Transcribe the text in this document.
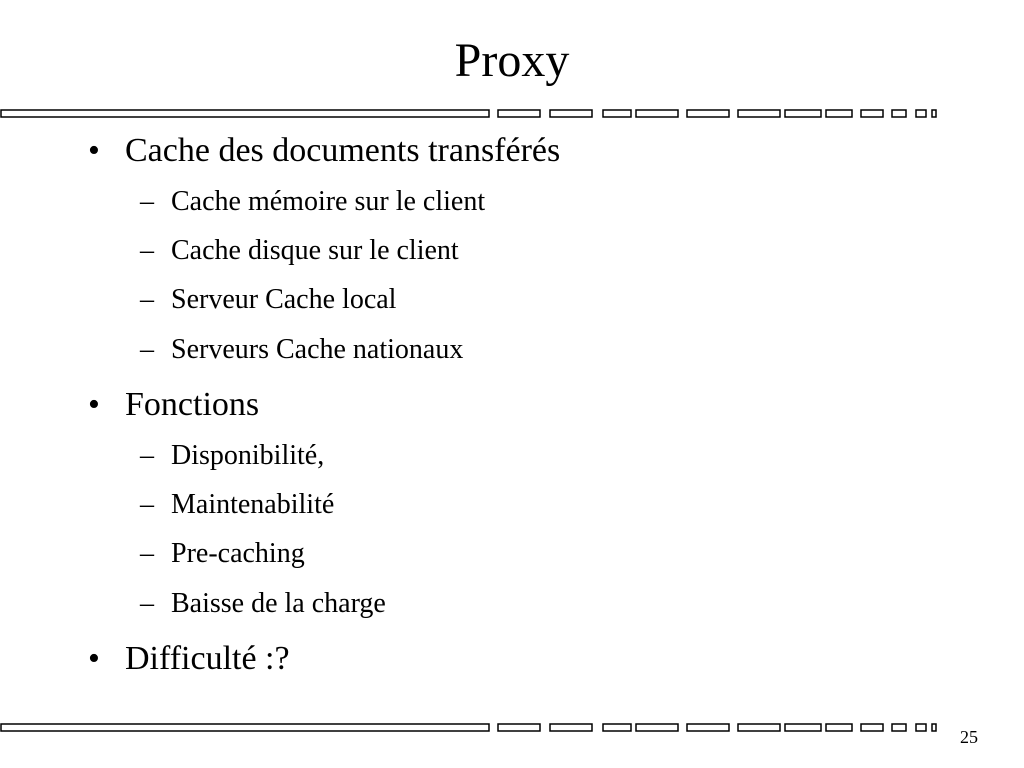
Proxy
• Cache des documents transférés
– Cache mémoire sur le client
– Cache disque sur le client
– Serveur Cache local
– Serveurs Cache nationaux
• Fonctions
– Disponibilité,
– Maintenabilité
– Pre-caching
– Baisse de la charge
• Difficulté :?
25
